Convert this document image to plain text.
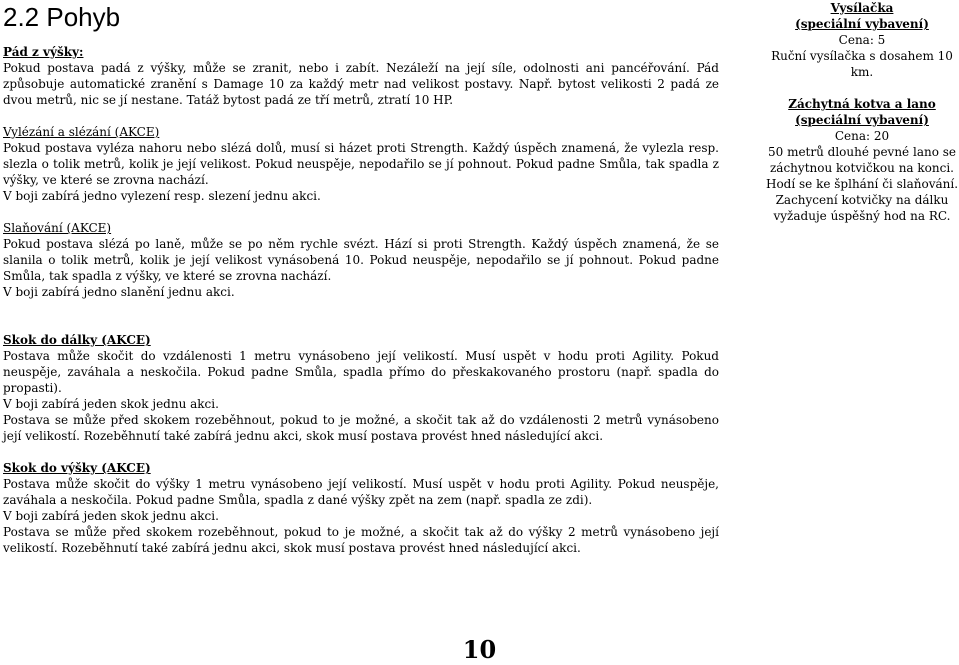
2.2 Pohyb
Pád z výšky:

Pokud postava padá z výšky, může se zranit, nebo i zabít. Nezáleží na její síle, odolnosti ani pancéřování. Pád způsobuje automatické zranění s Damage 10 za každý metr nad velikost postavy. Např. bytost velikosti 2 padá ze dvou metrů, nic se jí nestane. Tatáž bytost padá ze tří metrů, ztratí 10 HP.

Vylézání a slézání (AKCE)

Pokud postava vyléza nahoru nebo slézá dolů, musí si házet proti Strength. Každý úspěch znamená, že vylezla resp. slezla o tolik metrů, kolik je její velikost. Pokud neuspěje, nepodařilo se jí pohnout. Pokud padne Smůla, tak spadla z výšky, ve které se zrovna nachází.

V boji zabírá jedno vylezení resp. slezení jednu akci.

Slaňování (AKCE)

Pokud postava slézá po laně, může se po něm rychle svézt. Hází si proti Strength. Každý úspěch znamená, že se slanila o tolik metrů, kolik je její velikost vynásobená 10. Pokud neuspěje, nepodařilo se jí pohnout. Pokud padne Smůla, tak spadla z výšky, ve které se zrovna nachází.

V boji zabírá jedno slanění jednu akci.

Skok do dálky (AKCE)

Postava může skočit do vzdálenosti 1 metru vynásobeno její velikostí. Musí uspět v hodu proti Agility. Pokud neuspěje, zaváhala a neskočila. Pokud padne Smůla, spadla přímo do přeskakovaného prostoru (např. spadla do propasti).

V boji zabírá jeden skok jednu akci.

Postava se může před skokem rozeběhnout, pokud to je možné, a skočit tak až do vzdálenosti 2 metrů vynásobeno její velikostí. Rozeběhnutí také zabírá jednu akci, skok musí postava provést hned následující akci.

Skok do výšky (AKCE)

Postava může skočit do výšky 1 metru vynásobeno její velikostí. Musí uspět v hodu proti Agility. Pokud neuspěje, zaváhala a neskočila. Pokud padne Smůla, spadla z dané výšky zpět na zem (např. spadla ze zdi).

V boji zabírá jeden skok jednu akci.

Postava se může před skokem rozeběhnout, pokud to je možné, a skočit tak až do výšky 2 metrů vynásobeno její velikostí. Rozeběhnutí také zabírá jednu akci, skok musí postava provést hned následující akci.

Vysílačka
(speciální vybavení)

Cena: 5

Ruční vysílačka s dosahem 10 km.

Záchytná kotva a lano
(speciální vybavení)

Cena: 20

50 metrů dlouhé pevné lano se záchytnou kotvičkou na konci. Hodí se ke šplhání či slaňování. Zachycení kotvičky na dálku vyžaduje úspěšný hod na RC.

10
